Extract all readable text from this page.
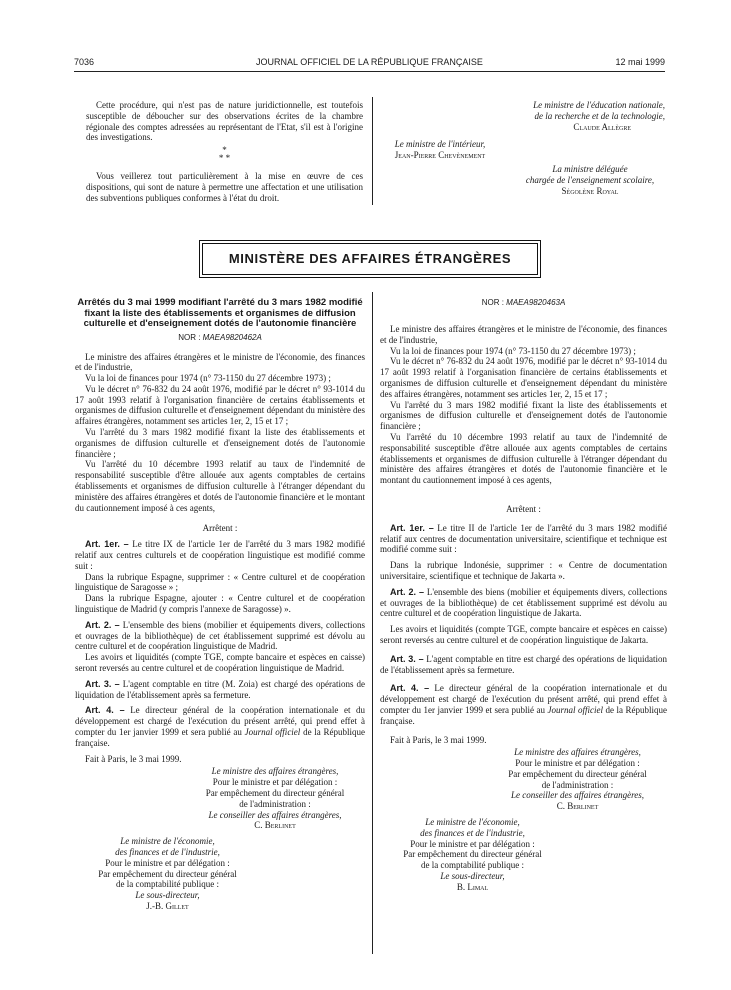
7036	JOURNAL OFFICIEL DE LA RÉPUBLIQUE FRANÇAISE	12 mai 1999

Cette procédure, qui n'est pas de nature juridictionnelle, est toutefois susceptible de déboucher sur des observations écrites de la chambre régionale des comptes adressées au représentant de l'Etat, s'il est à l'origine des investigations.

*

* *

Vous veillerez tout particulièrement à la mise en œuvre de ces dispositions, qui sont de nature à permettre une affectation et une utilisation des subventions publiques conformes à l'état du droit.

Le ministre de l'intérieur,

Jean-Pierre Chevènement

Le ministre de l'éducation nationale,

de la recherche et de la technologie,

Claude Allègre

La ministre déléguée

chargée de l'enseignement scolaire,

Ségolène Royal

MINISTÈRE DES AFFAIRES ÉTRANGÈRES

Arrêtés du 3 mai 1999 modifiant l'arrêté du 3 mars 1982 modifié fixant la liste des établissements et organismes de diffusion culturelle et d'enseignement dotés de l'autonomie financière

NOR : MAEA9820462A

Le ministre des affaires étrangères et le ministre de l'économie, des finances et de l'industrie,

Vu la loi de finances pour 1974 (n° 73-1150 du 27 décembre 1973) ;

Vu le décret n° 76-832 du 24 août 1976, modifié par le décret n° 93-1014 du 17 août 1993 relatif à l'organisation financière de certains établissements et organismes de diffusion culturelle et d'enseignement dépendant du ministère des affaires étrangères, notamment ses articles 1er, 2, 15 et 17 ;

Vu l'arrêté du 3 mars 1982 modifié fixant la liste des établissements et organismes de diffusion culturelle et d'enseignement dotés de l'autonomie financière ;

Vu l'arrêté du 10 décembre 1993 relatif au taux de l'indemnité de responsabilité susceptible d'être allouée aux agents comptables de certains établissements et organismes de diffusion culturelle à l'étranger dépendant du ministère des affaires étrangères et dotés de l'autonomie financière et le montant du cautionnement imposé à ces agents,

Arrêtent :

Art. 1er. – Le titre IX de l'article 1er de l'arrêté du 3 mars 1982 modifié relatif aux centres culturels et de coopération linguistique est modifié comme suit :

Dans la rubrique Espagne, supprimer : « Centre culturel et de coopération linguistique de Saragosse » ;

Dans la rubrique Espagne, ajouter : « Centre culturel et de coopération linguistique de Madrid (y compris l'annexe de Saragosse) ».

Art. 2. – L'ensemble des biens (mobilier et équipements divers, collections et ouvrages de la bibliothèque) de cet établissement supprimé est dévolu au centre culturel et de coopération linguistique de Madrid.

Les avoirs et liquidités (compte TGE, compte bancaire et espèces en caisse) seront reversés au centre culturel et de coopération linguistique de Madrid.

Art. 3. – L'agent comptable en titre (M. Zoia) est chargé des opérations de liquidation de l'établissement après sa fermeture.

Art. 4. – Le directeur général de la coopération internationale et du développement est chargé de l'exécution du présent arrêté, qui prend effet à compter du 1er janvier 1999 et sera publié au Journal officiel de la République française.

Fait à Paris, le 3 mai 1999.

Le ministre des affaires étrangères,

Pour le ministre et par délégation :

Par empêchement du directeur général

de l'administration :

Le conseiller des affaires étrangères,

C. Berlinet

Le ministre de l'économie,

des finances et de l'industrie,

Pour le ministre et par délégation :

Par empêchement du directeur général

de la comptabilité publique :

Le sous-directeur,

J.-B. Gillet

NOR : MAEA9820463A

Le ministre des affaires étrangères et le ministre de l'économie, des finances et de l'industrie,

Vu la loi de finances pour 1974 (n° 73-1150 du 27 décembre 1973) ;

Vu le décret n° 76-832 du 24 août 1976, modifié par le décret n° 93-1014 du 17 août 1993 relatif à l'organisation financière de certains établissements et organismes de diffusion culturelle et d'enseignement dépendant du ministère des affaires étrangères, notamment ses articles 1er, 2, 15 et 17 ;

Vu l'arrêté du 3 mars 1982 modifié fixant la liste des établissements et organismes de diffusion culturelle et d'enseignement dotés de l'autonomie financière ;

Vu l'arrêté du 10 décembre 1993 relatif au taux de l'indemnité de responsabilité susceptible d'être allouée aux agents comptables de certains établissements et organismes de diffusion culturelle à l'étranger dépendant du ministère des affaires étrangères et dotés de l'autonomie financière et le montant du cautionnement imposé à ces agents,

Arrêtent :

Art. 1er. – Le titre II de l'article 1er de l'arrêté du 3 mars 1982 modifié relatif aux centres de documentation universitaire, scientifique et technique est modifié comme suit :

Dans la rubrique Indonésie, supprimer : « Centre de documentation universitaire, scientifique et technique de Jakarta ».

Art. 2. – L'ensemble des biens (mobilier et équipements divers, collections et ouvrages de la bibliothèque) de cet établissement supprimé est dévolu au centre culturel et de coopération linguistique de Jakarta.

Les avoirs et liquidités (compte TGE, compte bancaire et espèces en caisse) seront reversés au centre culturel et de coopération linguistique de Jakarta.

Art. 3. – L'agent comptable en titre est chargé des opérations de liquidation de l'établissement après sa fermeture.

Art. 4. – Le directeur général de la coopération internationale et du développement est chargé de l'exécution du présent arrêté, qui prend effet à compter du 1er janvier 1999 et sera publié au Journal officiel de la République française.

Fait à Paris, le 3 mai 1999.

Le ministre des affaires étrangères,

Pour le ministre et par délégation :

Par empêchement du directeur général

de l'administration :

Le conseiller des affaires étrangères,

C. Berlinet

Le ministre de l'économie,

des finances et de l'industrie,

Pour le ministre et par délégation :

Par empêchement du directeur général

de la comptabilité publique :

Le sous-directeur,

B. Limal
